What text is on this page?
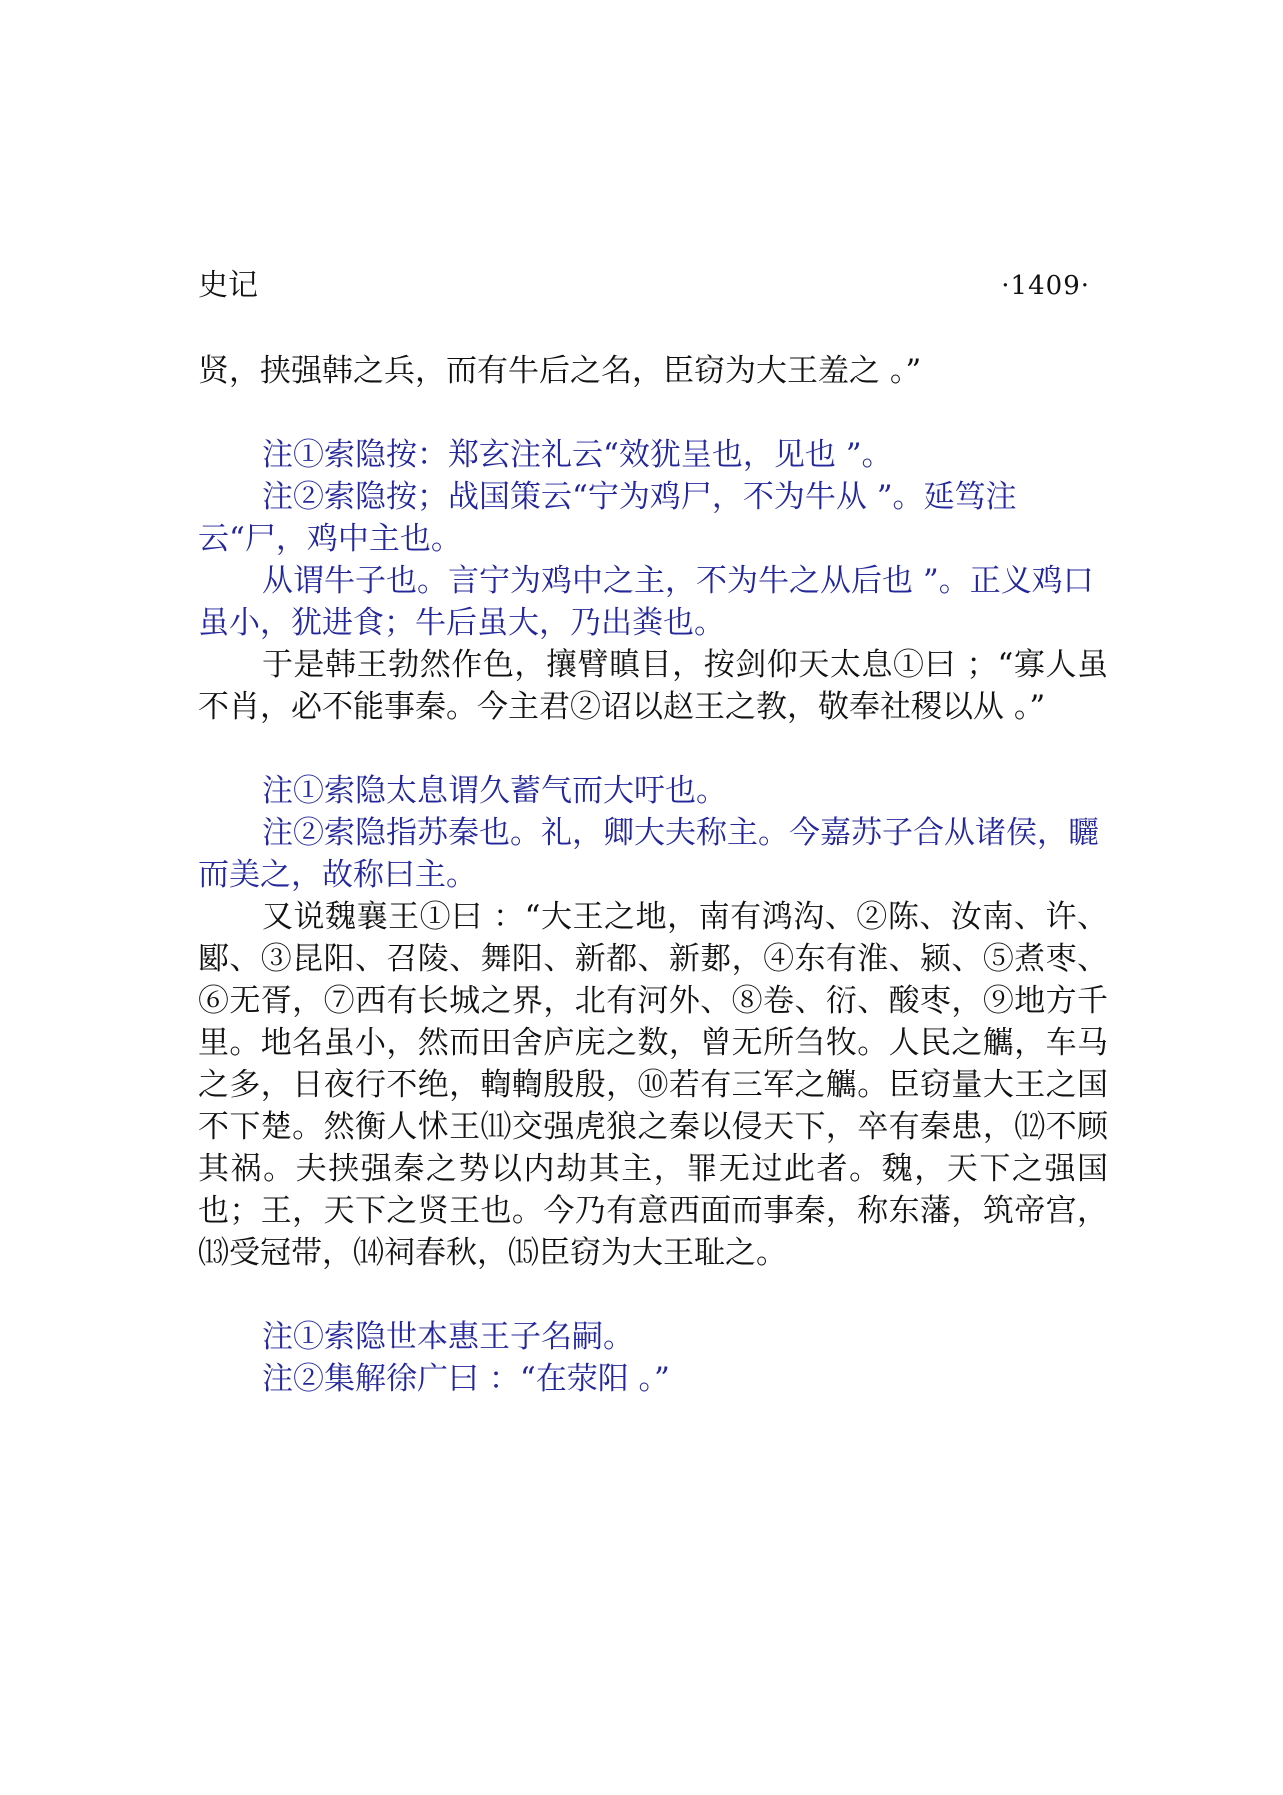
史记	·1409·

贤，挟强韩之兵，而有牛后之名，臣窃为大王羞之 。”

注①索隐按：郑玄注礼云“效犹呈也，见也 ”。

注②索隐按；战国策云“宁为鸡尸，不为牛从 ”。延笃注云“尸，鸡中主也。

从谓牛子也。言宁为鸡中之主，不为牛之从后也 ”。正义鸡口虽小，犹进食；牛后虽大，乃出粪也。

于是韩王勃然作色，攘臂瞋目，按剑仰天太息①曰 ；“寡人虽不肖，必不能事秦。今主君②诏以赵王之教，敬奉社稷以从 。”

注①索隐太息谓久蓄气而大吁也。

注②索隐指苏秦也。礼，卿大夫称主。今嘉苏子合从诸侯，矖而美之，故称曰主。

又说魏襄王①曰 ：“大王之地，南有鸿沟、②陈、汝南、许、郾、③昆阳、召陵、舞阳、新都、新郪，④东有淮、颍、⑤煮枣、⑥无胥，⑦西有长城之界，北有河外、⑧卷、衍、酸枣，⑨地方千里。地名虽小，然而田舍庐庑之数，曾无所刍牧。人民之觽，车马之多，日夜行不绝，輷輷殷殷，⑩若有三军之觽。臣窃量大王之国不下楚。然衡人怵王⑾交强虎狼之秦以侵天下，卒有秦患，⑿不顾其祸。夫挟强秦之势以内劫其主，罪无过此者。魏，天下之强国也；王，天下之贤王也。今乃有意西面而事秦，称东藩，筑帝宫，⒀受冠带，⒁祠春秋，⒂臣窃为大王耻之。

注①索隐世本惠王子名嗣。

注②集解徐广曰 ：“在荥阳 。”
